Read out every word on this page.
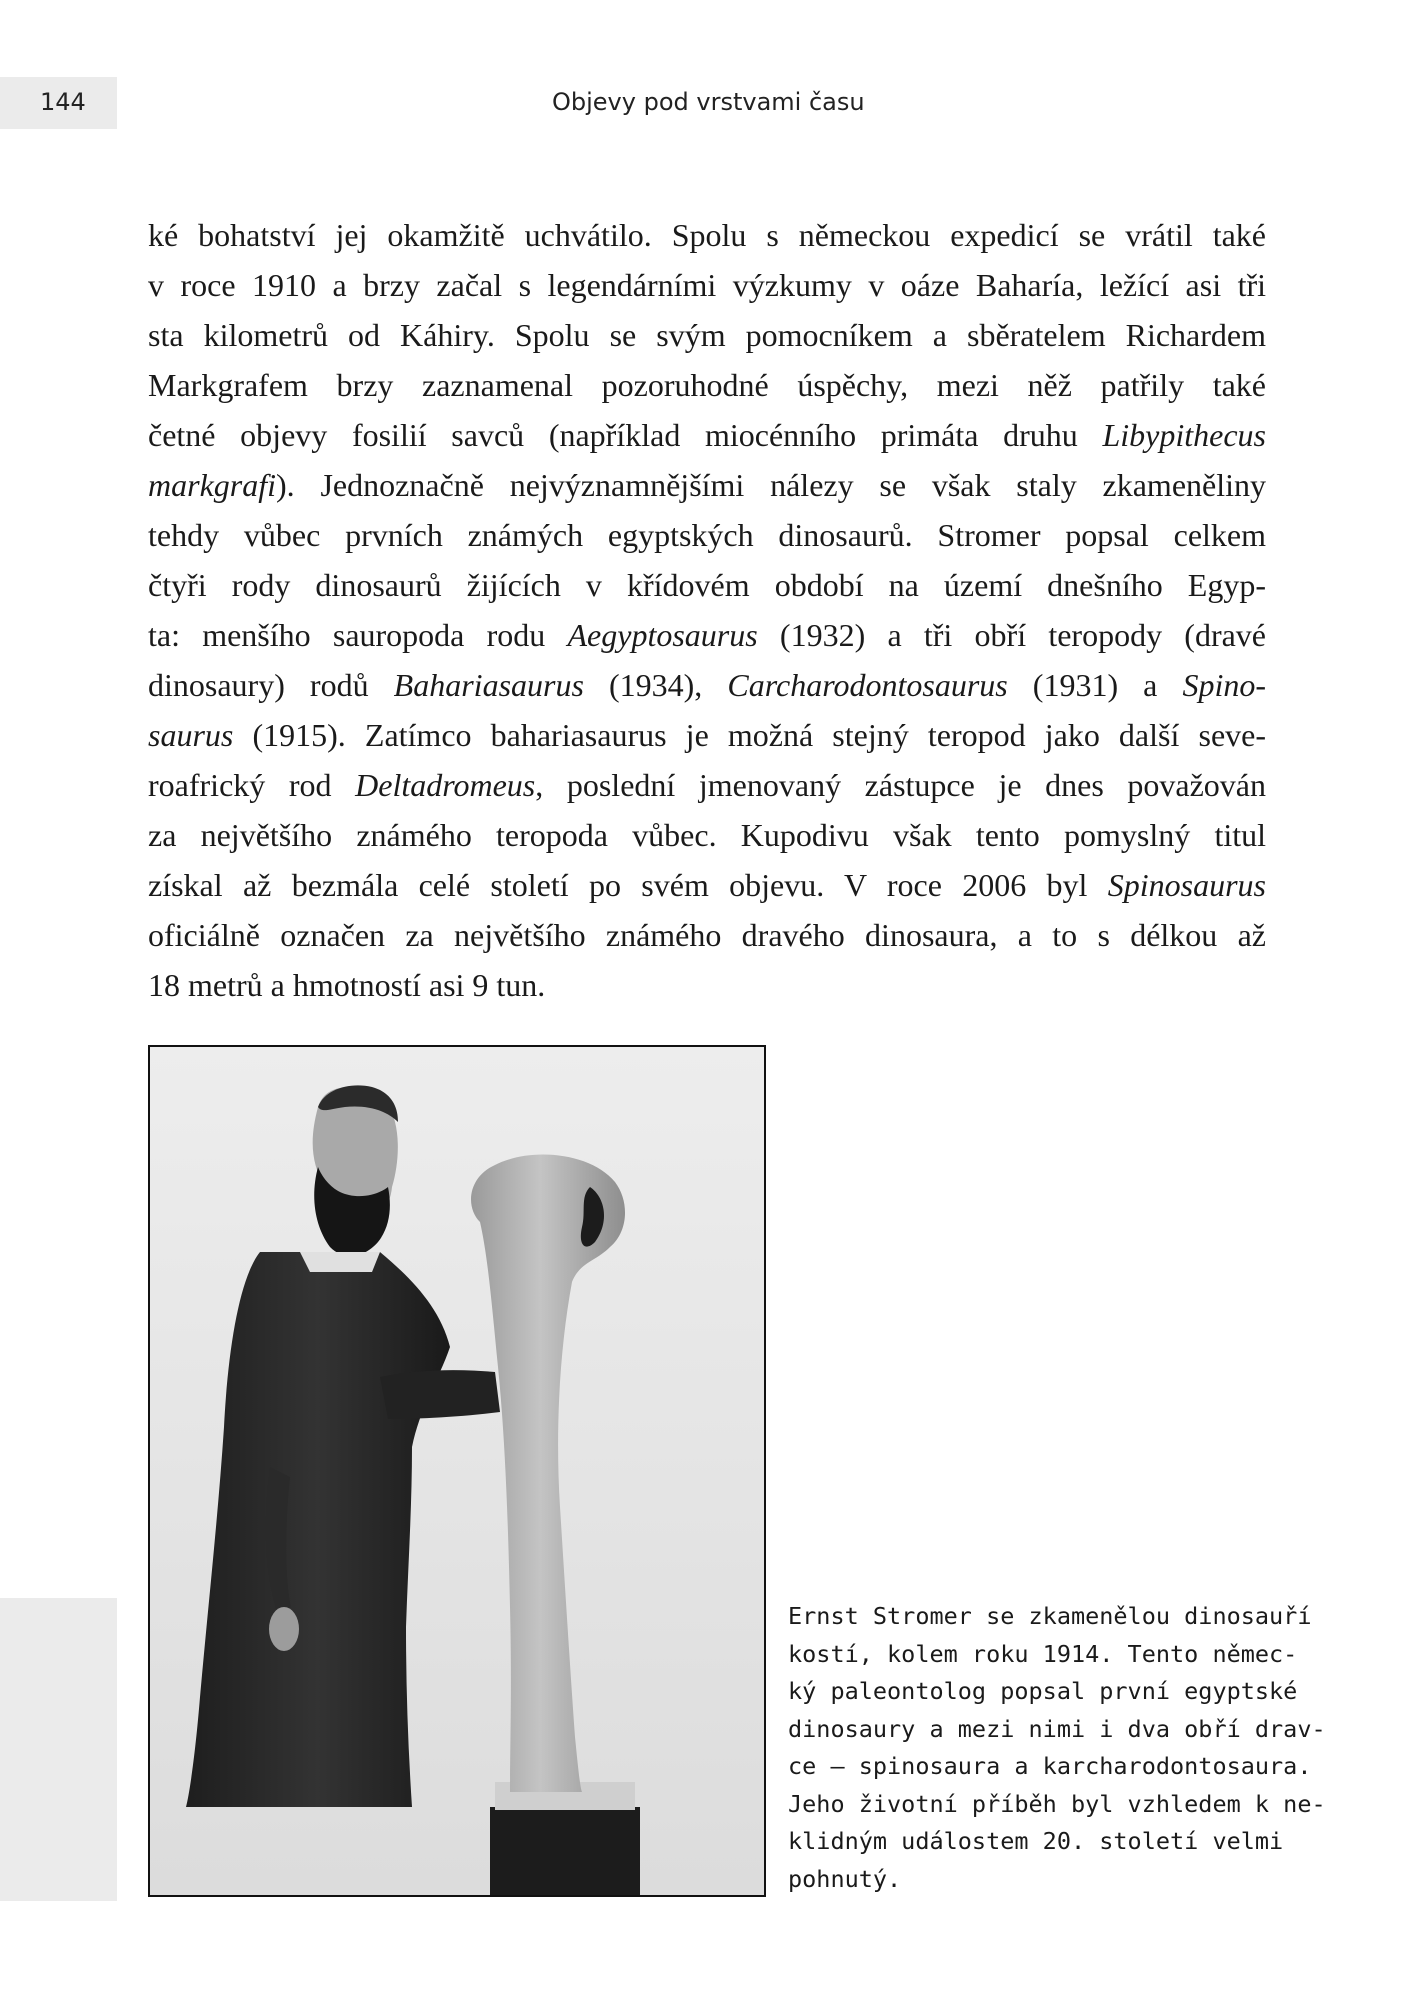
144	Objevy pod vrstvami času
ké bohatství jej okamžitě uchvátilo. Spolu s německou expedicí se vrátil také
v roce 1910 a brzy začal s legendárními výzkumy v oáze Baharía, ležící asi tři
sta kilometrů od Káhiry. Spolu se svým pomocníkem a sběratelem Richardem
Markgrafem brzy zaznamenal pozoruhodné úspěchy, mezi něž patřily také
četné objevy fosilií savců (například miocénního primáta druhu Libypithecus
markgrafi). Jednoznačně nejvýznamnějšími nálezy se však staly zkameněliny
tehdy vůbec prvních známých egyptských dinosaurů. Stromer popsal celkem
čtyři rody dinosaurů žijících v křídovém období na území dnešního Egyp-
ta: menšího sauropoda rodu Aegyptosaurus (1932) a tři obří teropody (dravé
dinosaury) rodů Bahariasaurus (1934), Carcharodontosaurus (1931) a Spino-
saurus (1915). Zatímco bahariasaurus je možná stejný teropod jako další seve-
roafrický rod Deltadromeus, poslední jmenovaný zástupce je dnes považován
za největšího známého teropoda vůbec. Kupodivu však tento pomyslný titul
získal až bezmála celé století po svém objevu. V roce 2006 byl Spinosaurus
oficiálně označen za největšího známého dravého dinosaura, a to s délkou až
18 metrů a hmotností asi 9 tun.
Ernst Stromer se zkamenělou dinosauří
kostí, kolem roku 1914. Tento němec-
ký paleontolog popsal první egyptské
dinosaury a mezi nimi i dva obří drav-
ce – spinosaura a karcharodontosaura.
Jeho životní příběh byl vzhledem k ne-
klidným událostem 20. století velmi
pohnutý.
